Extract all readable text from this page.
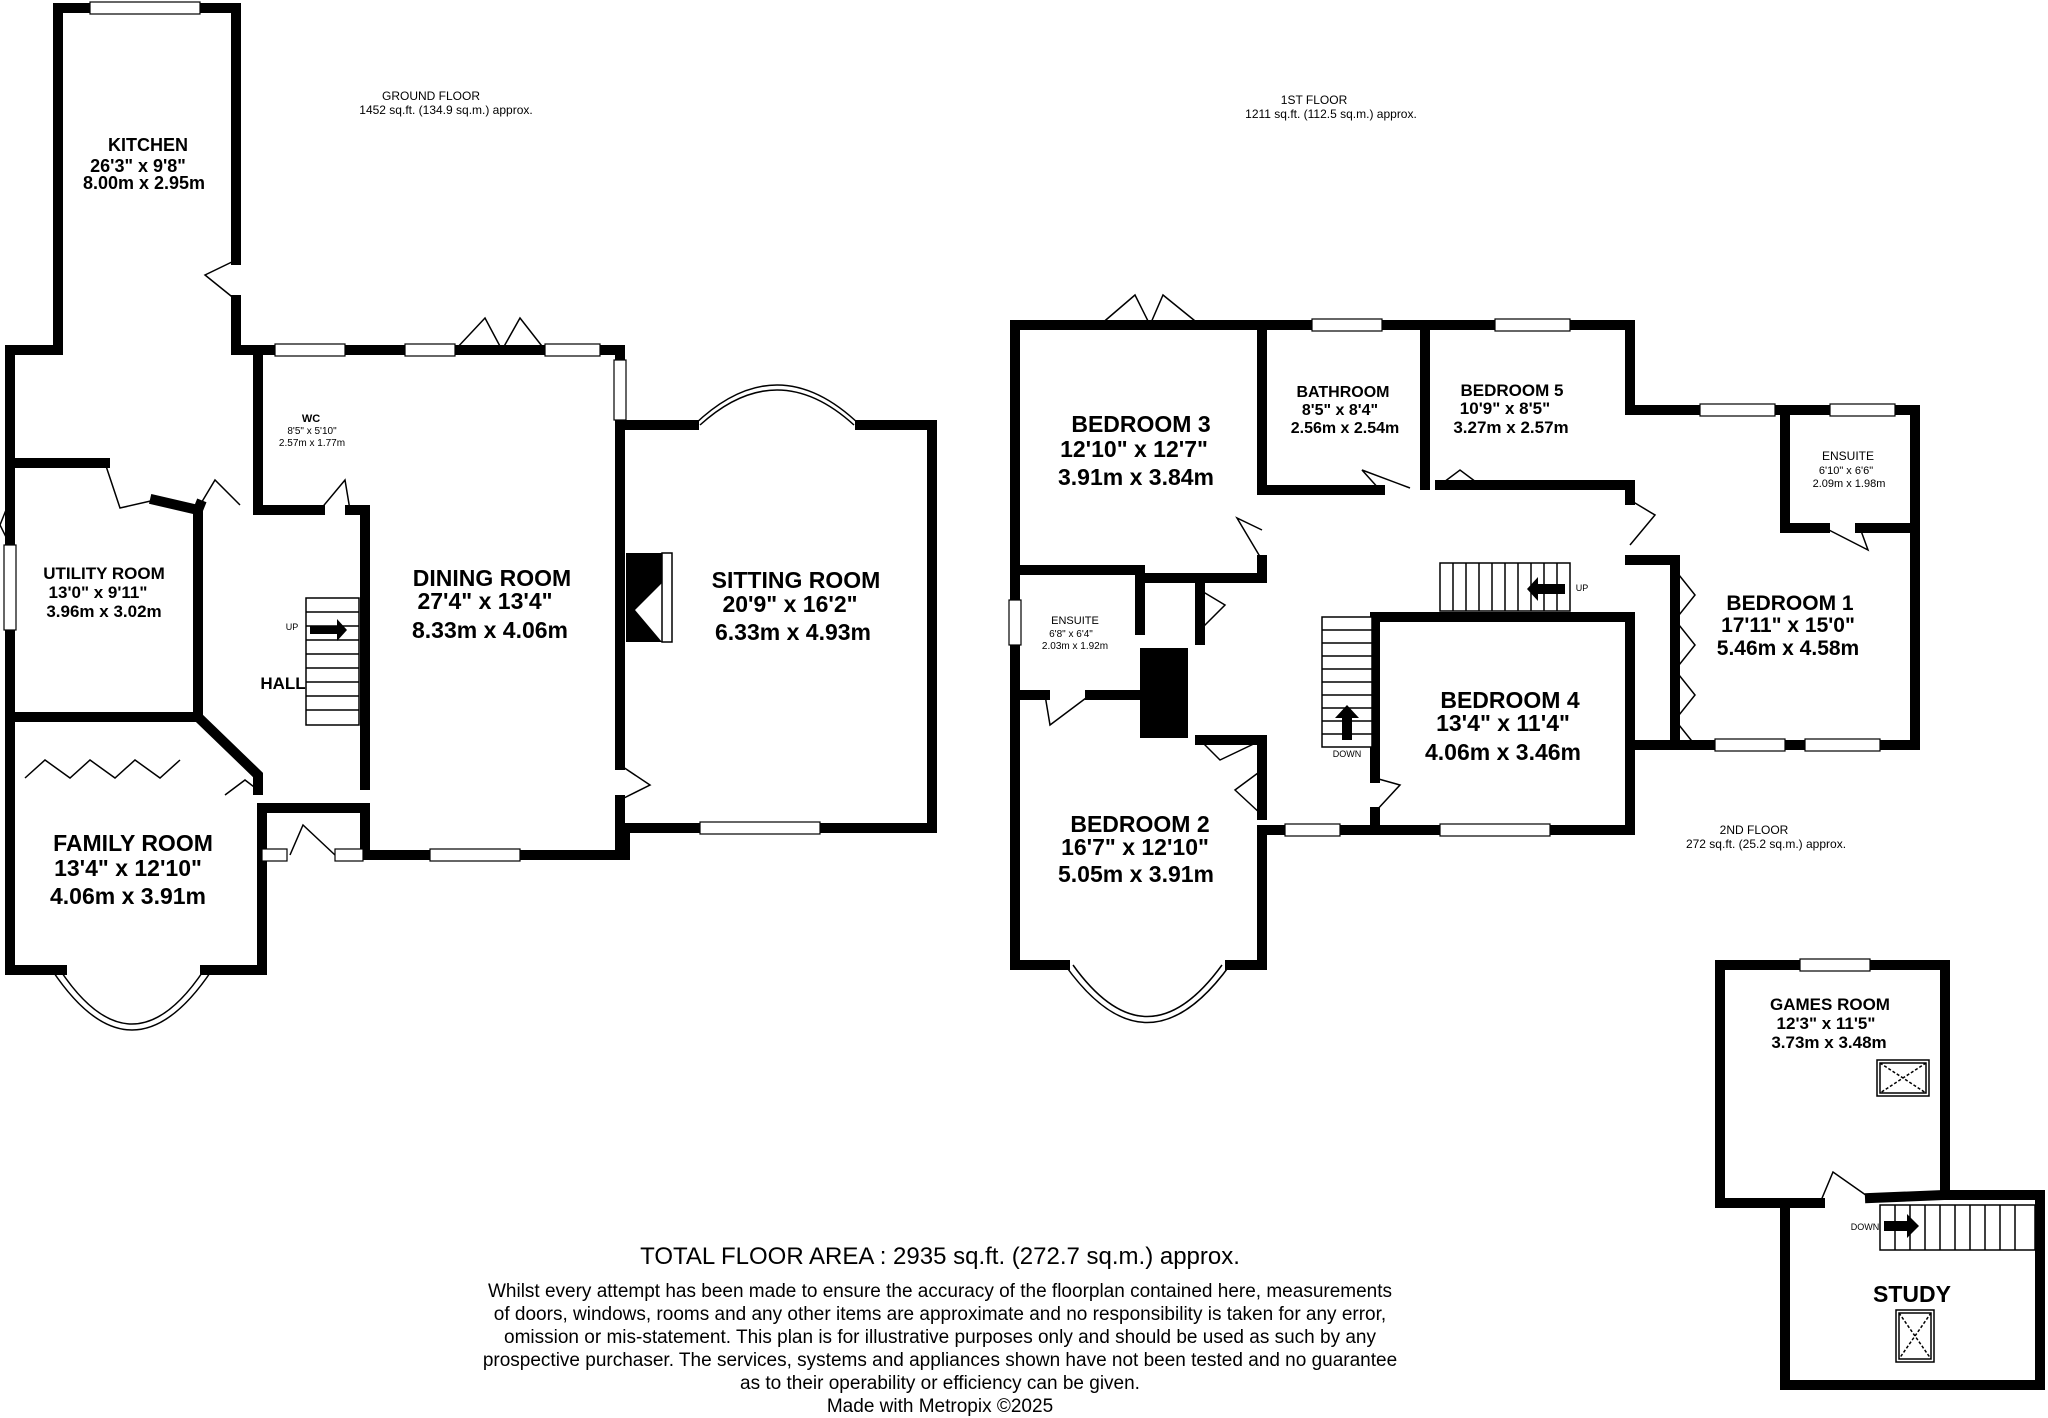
GROUND FLOOR
1452 sq.ft. (134.9 sq.m.) approx.
UP
KITCHEN
26'3" x 9'8"
8.00m x 2.95m
WC
8'5" x 5'10"
2.57m x 1.77m
UTILITY ROOM
13'0" x 9'11"
3.96m x 3.02m
HALL
DINING ROOM
27'4" x 13'4"
8.33m x 4.06m
SITTING ROOM
20'9" x 16'2"
6.33m x 4.93m
FAMILY ROOM
13'4" x 12'10"
4.06m x 3.91m
1ST FLOOR
1211 sq.ft. (112.5 sq.m.) approx.
UP
DOWN
BEDROOM 3
12'10" x 12'7"
3.91m x 3.84m
BATHROOM
8'5" x 8'4"
2.56m x 2.54m
BEDROOM 5
10'9" x 8'5"
3.27m x 2.57m
ENSUITE
6'10" x 6'6"
2.09m x 1.98m
BEDROOM 1
17'11" x 15'0"
5.46m x 4.58m
ENSUITE
6'8" x 6'4"
2.03m x 1.92m
BEDROOM 4
13'4" x 11'4"
4.06m x 3.46m
BEDROOM 2
16'7" x 12'10"
5.05m x 3.91m
2ND FLOOR
272 sq.ft. (25.2 sq.m.) approx.
DOWN
GAMES ROOM
12'3" x 11'5"
3.73m x 3.48m
STUDY
TOTAL FLOOR AREA : 2935 sq.ft. (272.7 sq.m.) approx.
Whilst every attempt has been made to ensure the accuracy of the floorplan contained here, measurements
of doors, windows, rooms and any other items are approximate and no responsibility is taken for any error,
omission or mis-statement. This plan is for illustrative purposes only and should be used as such by any
prospective purchaser. The services, systems and appliances shown have not been tested and no guarantee
as to their operability or efficiency can be given.
Made with Metropix ©2025
